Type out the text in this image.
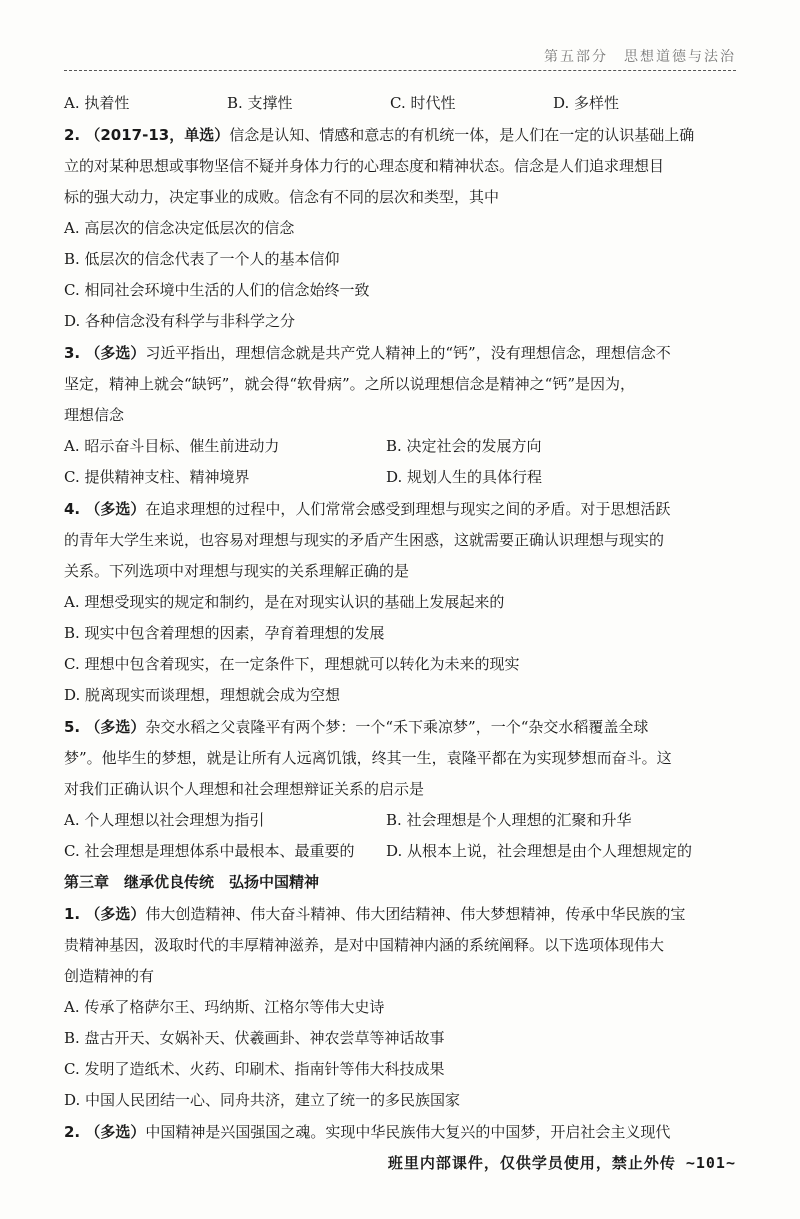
第五部分　思想道德与法治
A. 执着性	B. 支撑性	C. 时代性	D. 多样性
2. （2017-13，单选）信念是认知、情感和意志的有机统一体，是人们在一定的认识基础上确
立的对某种思想或事物坚信不疑并身体力行的心理态度和精神状态。信念是人们追求理想目
标的强大动力，决定事业的成败。信念有不同的层次和类型，其中
A. 高层次的信念决定低层次的信念
B. 低层次的信念代表了一个人的基本信仰
C. 相同社会环境中生活的人们的信念始终一致
D. 各种信念没有科学与非科学之分
3. （多选）习近平指出，理想信念就是共产党人精神上的“钙”，没有理想信念，理想信念不
坚定，精神上就会“缺钙”，就会得“软骨病”。之所以说理想信念是精神之“钙”是因为，
理想信念
A. 昭示奋斗目标、催生前进动力	B. 决定社会的发展方向
C. 提供精神支柱、精神境界	D. 规划人生的具体行程
4. （多选）在追求理想的过程中，人们常常会感受到理想与现实之间的矛盾。对于思想活跃
的青年大学生来说，也容易对理想与现实的矛盾产生困惑，这就需要正确认识理想与现实的
关系。下列选项中对理想与现实的关系理解正确的是
A. 理想受现实的规定和制约，是在对现实认识的基础上发展起来的
B. 现实中包含着理想的因素，孕育着理想的发展
C. 理想中包含着现实，在一定条件下，理想就可以转化为未来的现实
D. 脱离现实而谈理想，理想就会成为空想
5. （多选）杂交水稻之父袁隆平有两个梦：一个“禾下乘凉梦”，一个“杂交水稻覆盖全球
梦”。他毕生的梦想，就是让所有人远离饥饿，终其一生，袁隆平都在为实现梦想而奋斗。这
对我们正确认识个人理想和社会理想辩证关系的启示是
A. 个人理想以社会理想为指引	B. 社会理想是个人理想的汇聚和升华
C. 社会理想是理想体系中最根本、最重要的	D. 从根本上说，社会理想是由个人理想规定的
第三章　继承优良传统　弘扬中国精神
1. （多选）伟大创造精神、伟大奋斗精神、伟大团结精神、伟大梦想精神，传承中华民族的宝
贵精神基因，汲取时代的丰厚精神滋养，是对中国精神内涵的系统阐释。以下选项体现伟大
创造精神的有
A. 传承了格萨尔王、玛纳斯、江格尔等伟大史诗
B. 盘古开天、女娲补天、伏羲画卦、神农尝草等神话故事
C. 发明了造纸术、火药、印刷术、指南针等伟大科技成果
D. 中国人民团结一心、同舟共济，建立了统一的多民族国家
2. （多选）中国精神是兴国强国之魂。实现中华民族伟大复兴的中国梦，开启社会主义现代
班里内部课件，仅供学员使用，禁止外传 ~101~
